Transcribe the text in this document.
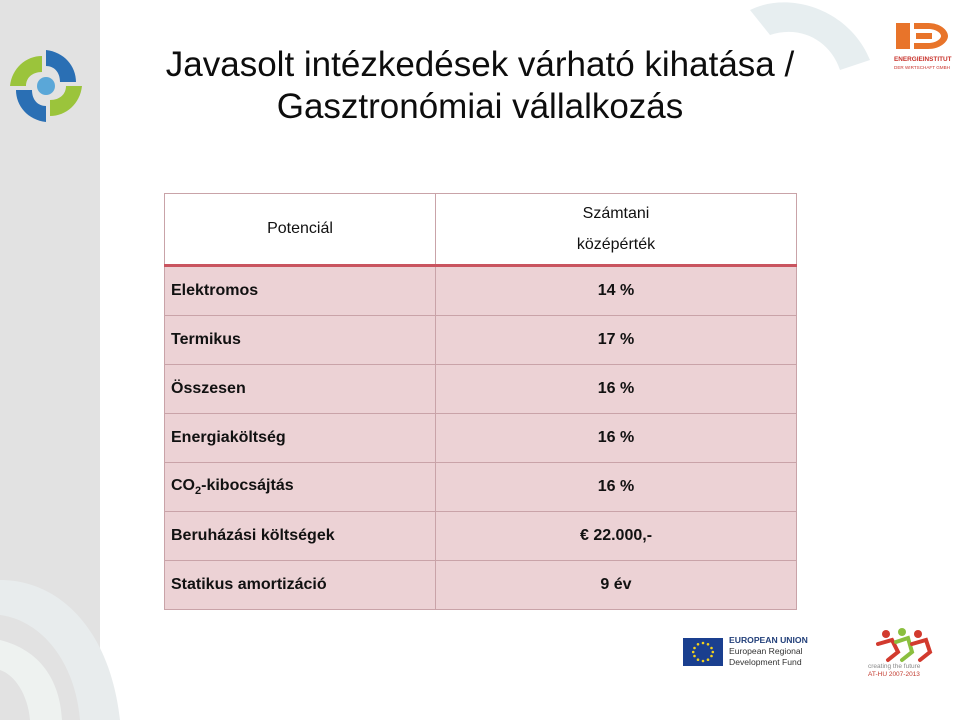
Javasolt intézkedések várható kihatása /
Gasztronómiai vállalkozás
Potenciál	Számtani
középérték
Elektromos	14 %
Termikus	17 %
Összesen	16 %
Energiaköltség	16 %
$CO_2$-kibocsájtás	16 %
Beruházási költségek	€ 22.000,-
Statikus amortizáció	9 év
ENERGIEINSTITUT
DER WIRTSCHAFT GMBH
EUROPEAN UNION
European Regional
Development Fund	creating the future
AT-HU 2007-2013
